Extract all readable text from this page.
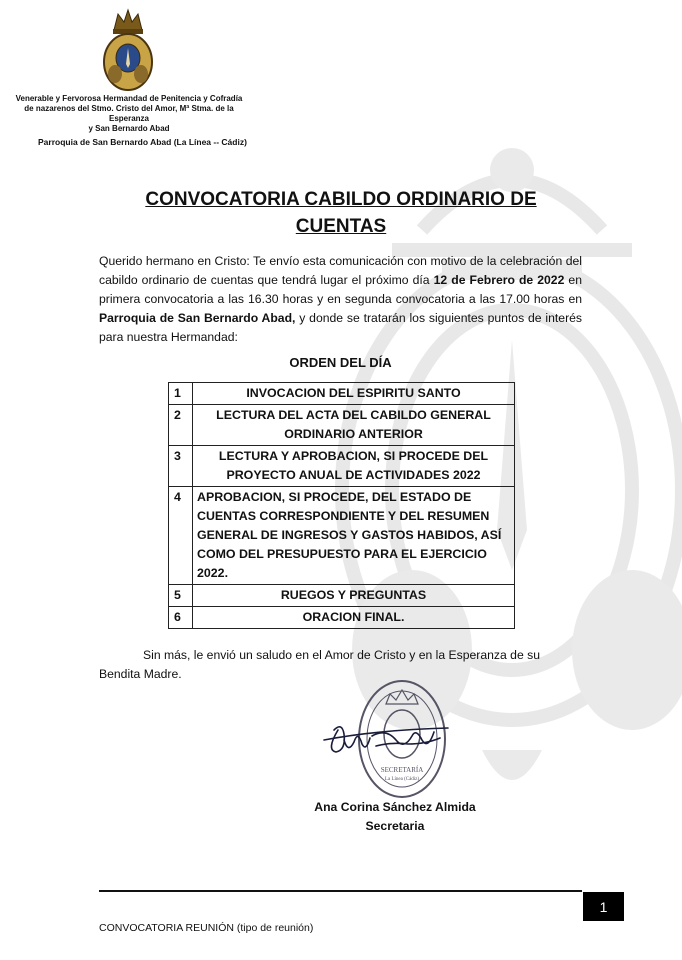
Venerable y Fervorosa Hermandad de Penitencia y Cofradía
de nazarenos del Stmo. Cristo del Amor, Mª Stma. de la Esperanza
y San Bernardo Abad
Parroquia de San Bernardo Abad (La Línea -- Cádiz)
CONVOCATORIA CABILDO ORDINARIO DE
CUENTAS
Querido hermano en Cristo: Te envío esta comunicación con motivo de la celebración del cabildo ordinario de cuentas que tendrá lugar el próximo día 12 de Febrero de 2022 en primera convocatoria a las 16.30 horas y en segunda convocatoria a las 17.00 horas en Parroquia de San Bernardo Abad, y donde se tratarán los siguientes puntos de interés para nuestra Hermandad:
ORDEN DEL DÍA
1	INVOCACION DEL ESPIRITU SANTO
2	LECTURA DEL ACTA DEL CABILDO GENERAL ORDINARIO ANTERIOR
3	LECTURA Y APROBACION, SI PROCEDE DEL PROYECTO ANUAL DE ACTIVIDADES 2022
4	APROBACION, SI PROCEDE, DEL ESTADO DE CUENTAS CORRESPONDIENTE Y DEL RESUMEN GENERAL DE INGRESOS Y GASTOS HABIDOS, ASÍ COMO DEL PRESUPUESTO PARA EL EJERCICIO 2022.
5	RUEGOS Y PREGUNTAS
6	ORACION FINAL.
Sin más, le envió un saludo en el Amor de Cristo y en la Esperanza de su Bendita Madre.
SECRETARÍA
La Línea (Cádiz)
Ana Corina Sánchez Almida
Secretaria
1
CONVOCATORIA REUNIÓN (tipo de reunión)
